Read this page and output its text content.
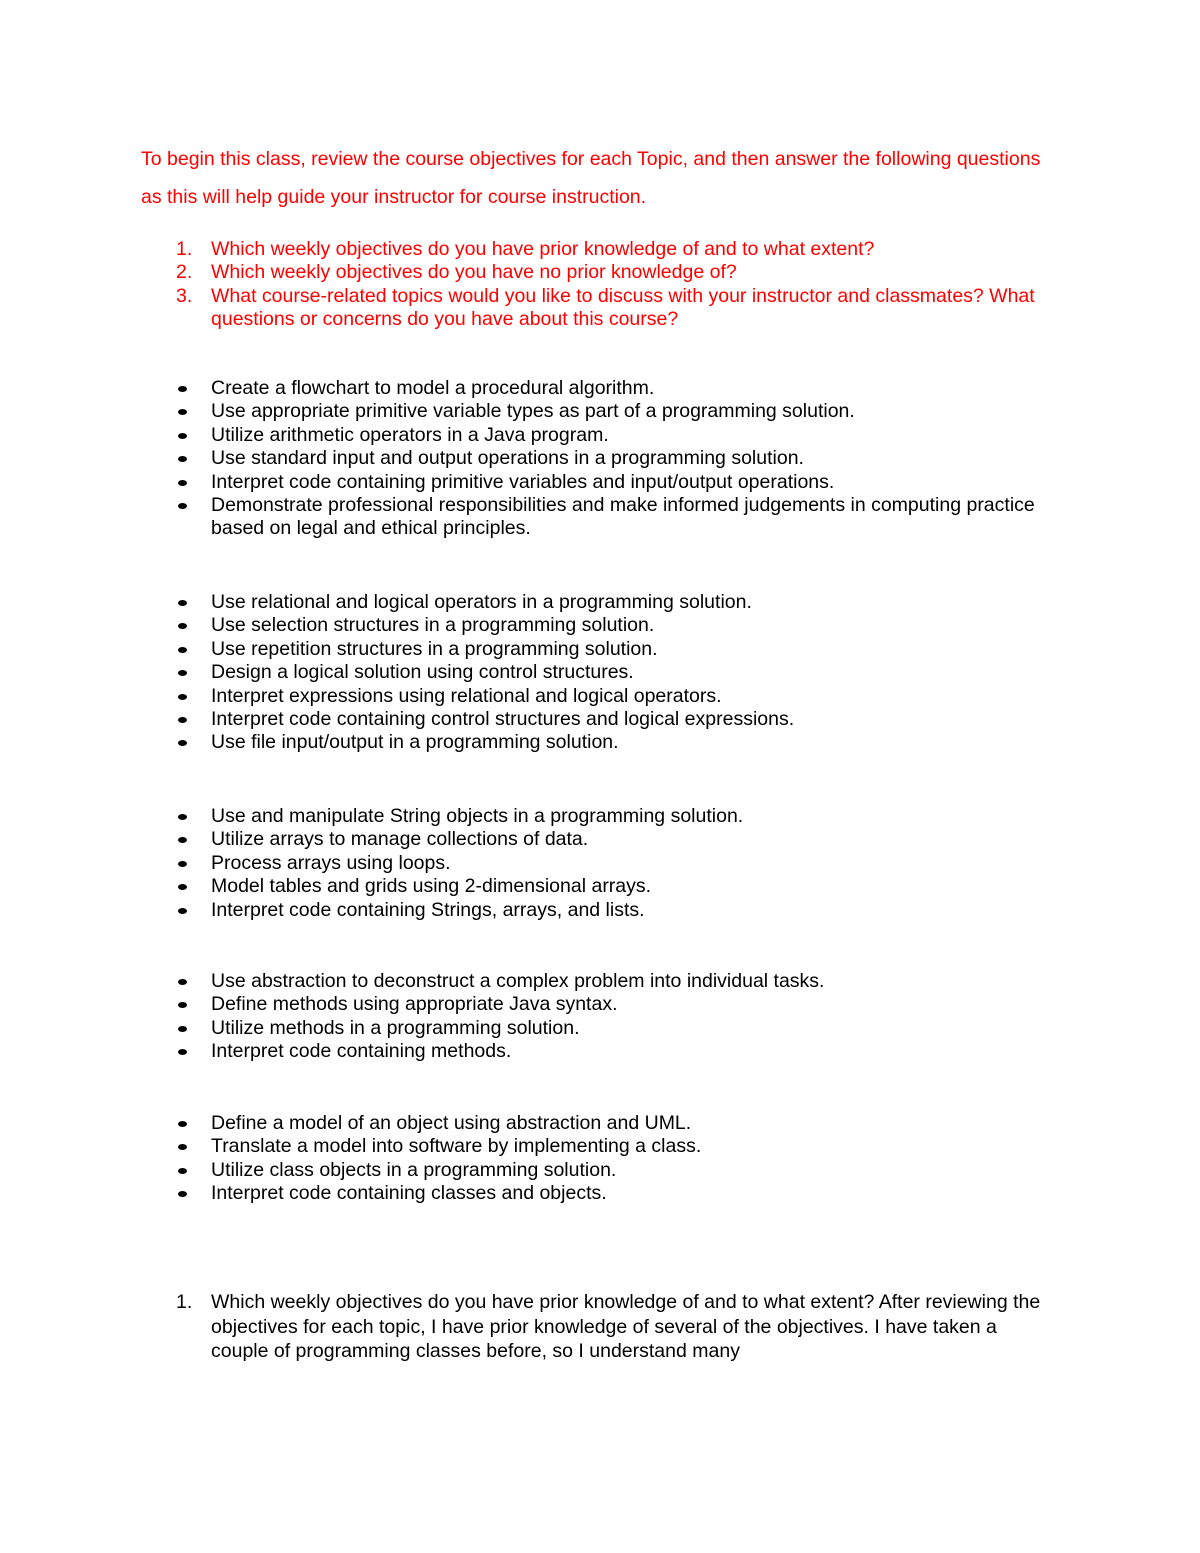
To begin this class, review the course objectives for each Topic, and then answer the following questions as this will help guide your instructor for course instruction.

1. Which weekly objectives do you have prior knowledge of and to what extent?
2. Which weekly objectives do you have no prior knowledge of?
3. What course-related topics would you like to discuss with your instructor and classmates? What questions or concerns do you have about this course?
Create a flowchart to model a procedural algorithm.
Use appropriate primitive variable types as part of a programming solution.
Utilize arithmetic operators in a Java program.
Use standard input and output operations in a programming solution.
Interpret code containing primitive variables and input/output operations.
Demonstrate professional responsibilities and make informed judgements in computing practice based on legal and ethical principles.
Use relational and logical operators in a programming solution.
Use selection structures in a programming solution.
Use repetition structures in a programming solution.
Design a logical solution using control structures.
Interpret expressions using relational and logical operators.
Interpret code containing control structures and logical expressions.
Use file input/output in a programming solution.
Use and manipulate String objects in a programming solution.
Utilize arrays to manage collections of data.
Process arrays using loops.
Model tables and grids using 2-dimensional arrays.
Interpret code containing Strings, arrays, and lists.
Use abstraction to deconstruct a complex problem into individual tasks.
Define methods using appropriate Java syntax.
Utilize methods in a programming solution.
Interpret code containing methods.
Define a model of an object using abstraction and UML.
Translate a model into software by implementing a class.
Utilize class objects in a programming solution.
Interpret code containing classes and objects.
1. Which weekly objectives do you have prior knowledge of and to what extent? After reviewing the objectives for each topic, I have prior knowledge of several of the objectives. I have taken a couple of programming classes before, so I understand many
